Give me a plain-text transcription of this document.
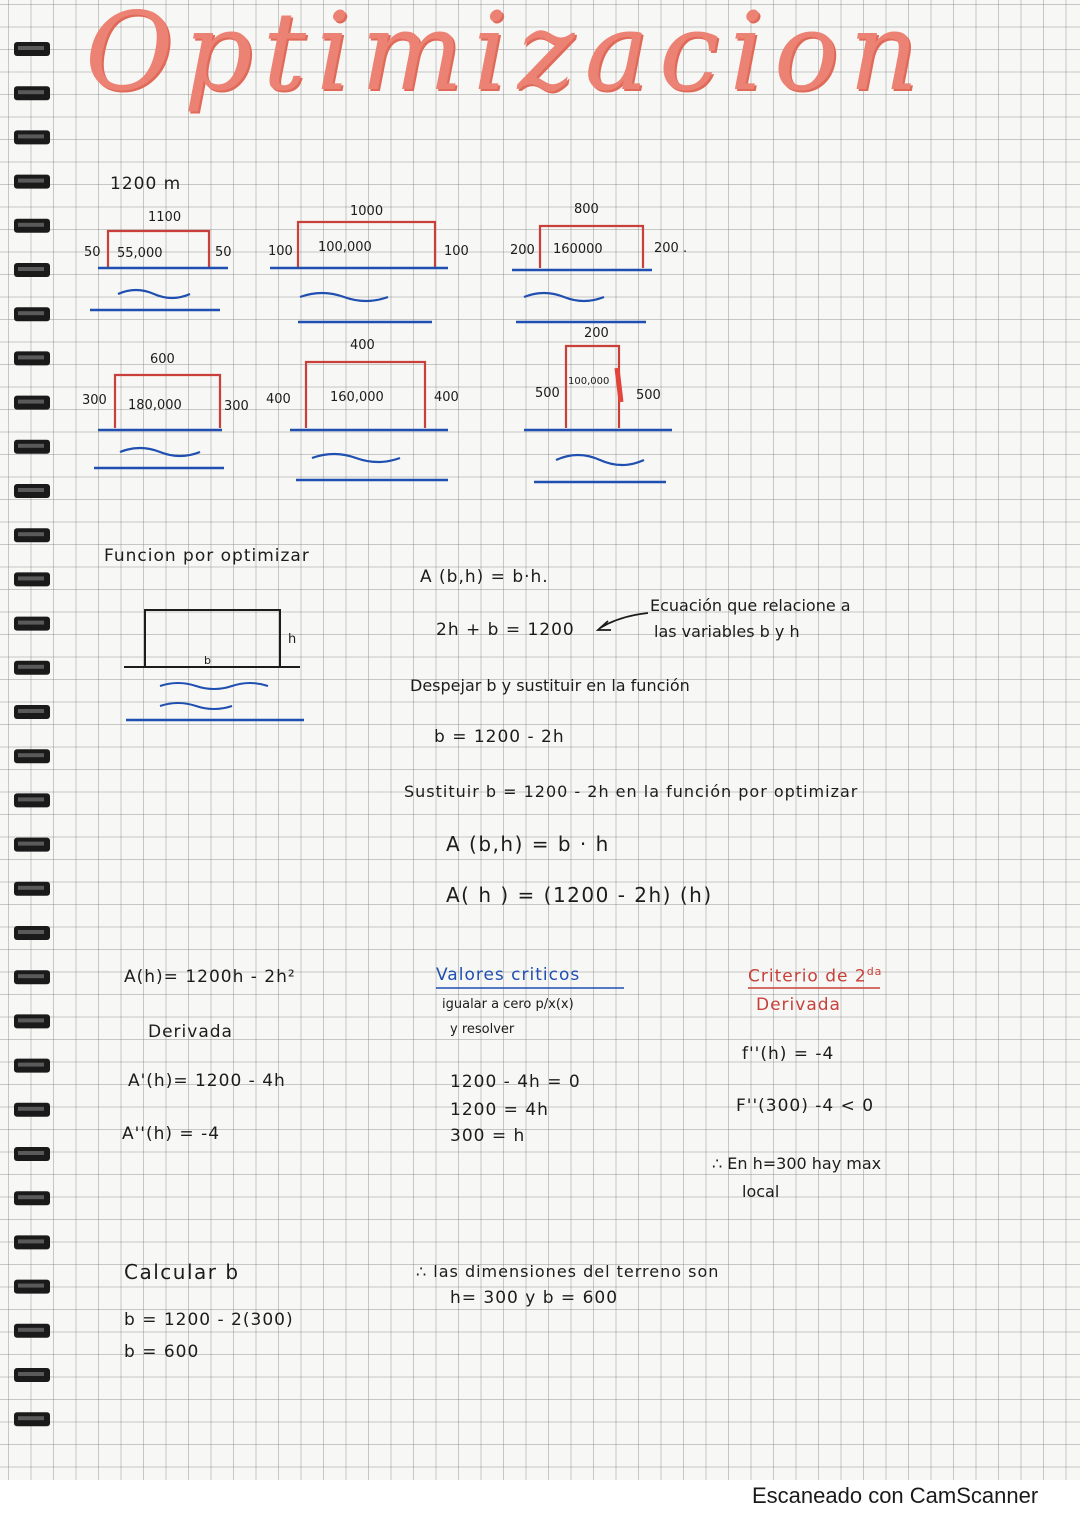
Optimizacion
1200 m
1100
55,000
50	50
1000
100,000
100	100
800
160000
200	200 .
600
180,000
300	300
400
160,000
400	400
200
100,000
500	500
Funcion por optimizar
h
b
A (b,h) = b·h.
2h + b = 1200
Ecuación que relacione a
las variables b y h
Despejar b y sustituir en la función
b = 1200 - 2h
Sustituir b = 1200 - 2h en la función por optimizar
A (b,h) = b · h
A( h ) = (1200 - 2h) (h)
A(h)= 1200h - 2h²
Derivada
A'(h)= 1200 - 4h
A''(h) = -4
Valores criticos
igualar a cero p/x(x)
y resolver
1200 - 4h = 0
1200 = 4h
300 = h
Criterio de $2^{da}$
Derivada
f''(h) = -4
F''(300) -4 < 0
∴ En h=300 hay max
local
Calcular b
b = 1200 - 2(300)
b = 600
∴ las dimensiones del terreno son
h= 300 y b = 600
Escaneado con CamScanner
